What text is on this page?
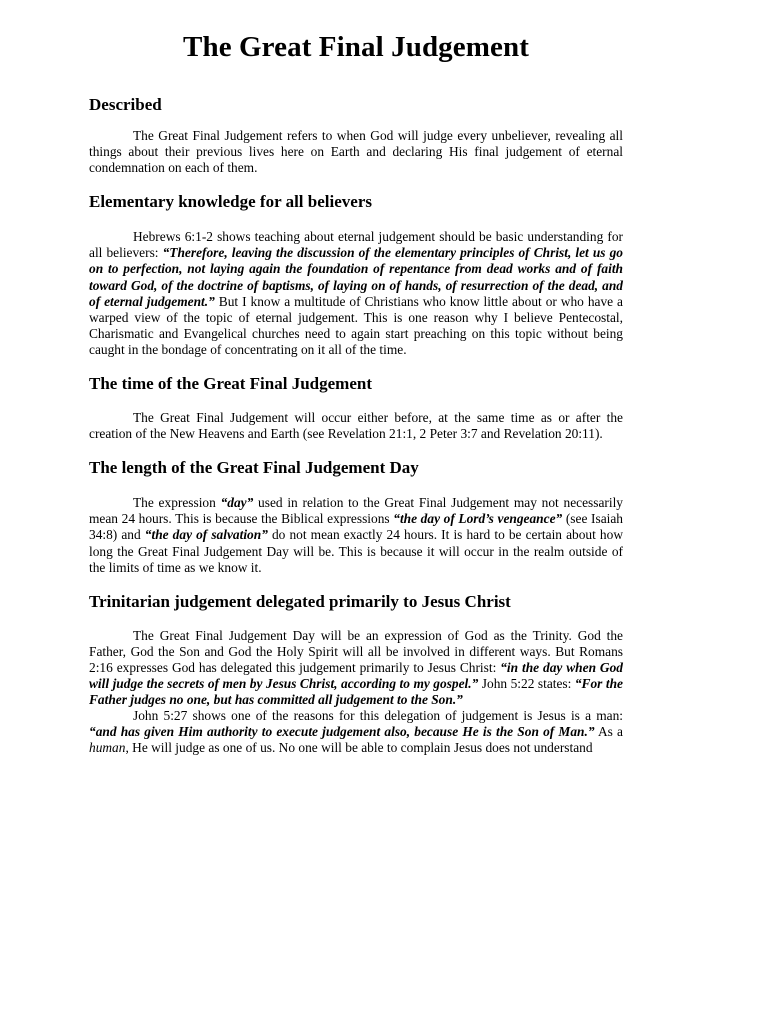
The Great Final Judgement
Described

The Great Final Judgement refers to when God will judge every unbeliever, revealing all things about their previous lives here on Earth and declaring His final judgement of eternal condemnation on each of them.

Elementary knowledge for all believers

Hebrews 6:1-2 shows teaching about eternal judgement should be basic understanding for all believers: “Therefore, leaving the discussion of the elementary principles of Christ, let us go on to perfection, not laying again the foundation of repentance from dead works and of faith toward God, of the doctrine of baptisms, of laying on of hands, of resurrection of the dead, and of eternal judgement.” But I know a multitude of Christians who know little about or who have a warped view of the topic of eternal judgement. This is one reason why I believe Pentecostal, Charismatic and Evangelical churches need to again start preaching on this topic without being caught in the bondage of concentrating on it all of the time.

The time of the Great Final Judgement

The Great Final Judgement will occur either before, at the same time as or after the creation of the New Heavens and Earth (see Revelation 21:1, 2 Peter 3:7 and Revelation 20:11).

The length of the Great Final Judgement Day

The expression “day” used in relation to the Great Final Judgement may not necessarily mean 24 hours. This is because the Biblical expressions “the day of Lord’s vengeance” (see Isaiah 34:8) and “the day of salvation” do not mean exactly 24 hours. It is hard to be certain about how long the Great Final Judgement Day will be. This is because it will occur in the realm outside of the limits of time as we know it.

Trinitarian judgement delegated primarily to Jesus Christ

The Great Final Judgement Day will be an expression of God as the Trinity. God the Father, God the Son and God the Holy Spirit will all be involved in different ways. But Romans 2:16 expresses God has delegated this judgement primarily to Jesus Christ: “in the day when God will judge the secrets of men by Jesus Christ, according to my gospel.” John 5:22 states: “For the Father judges no one, but has committed all judgement to the Son.”

John 5:27 shows one of the reasons for this delegation of judgement is Jesus is a man: “and has given Him authority to execute judgement also, because He is the Son of Man.” As a human, He will judge as one of us. No one will be able to complain Jesus does not understand
